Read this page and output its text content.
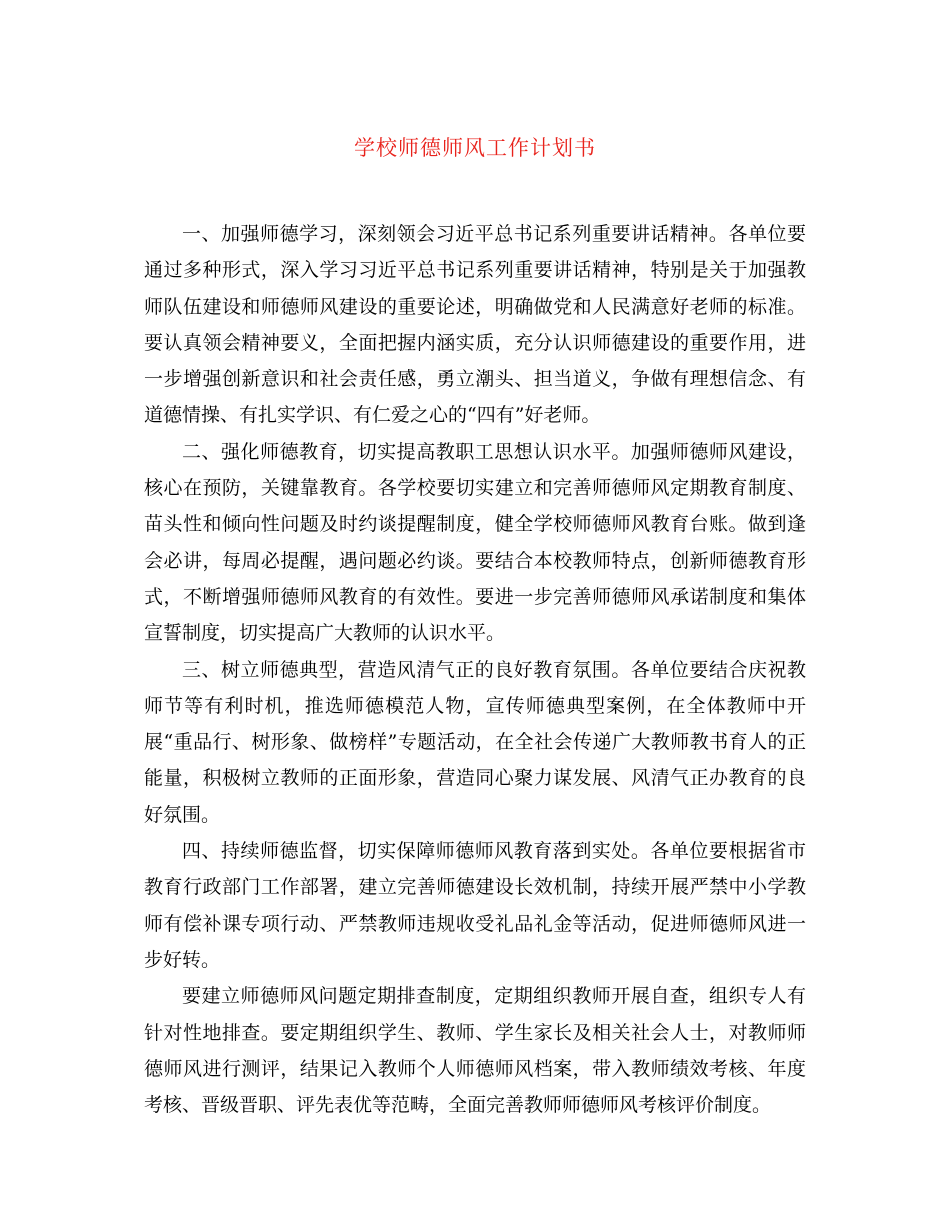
学校师德师风工作计划书

一、加强师德学习，深刻领会习近平总书记系列重要讲话精神。各单位要通过多种形式，深入学习习近平总书记系列重要讲话精神，特别是关于加强教师队伍建设和师德师风建设的重要论述，明确做党和人民满意好老师的标准。要认真领会精神要义，全面把握内涵实质，充分认识师德建设的重要作用，进一步增强创新意识和社会责任感，勇立潮头、担当道义，争做有理想信念、有道德情操、有扎实学识、有仁爱之心的“四有”好老师。

二、强化师德教育，切实提高教职工思想认识水平。加强师德师风建设，核心在预防，关键靠教育。各学校要切实建立和完善师德师风定期教育制度、苗头性和倾向性问题及时约谈提醒制度，健全学校师德师风教育台账。做到逢会必讲，每周必提醒，遇问题必约谈。要结合本校教师特点，创新师德教育形式，不断增强师德师风教育的有效性。要进一步完善师德师风承诺制度和集体宣誓制度，切实提高广大教师的认识水平。

三、树立师德典型，营造风清气正的良好教育氛围。各单位要结合庆祝教师节等有利时机，推选师德模范人物，宣传师德典型案例，在全体教师中开展“重品行、树形象、做榜样”专题活动，在全社会传递广大教师教书育人的正能量，积极树立教师的正面形象，营造同心聚力谋发展、风清气正办教育的良好氛围。

四、持续师德监督，切实保障师德师风教育落到实处。各单位要根据省市教育行政部门工作部署，建立完善师德建设长效机制，持续开展严禁中小学教师有偿补课专项行动、严禁教师违规收受礼品礼金等活动，促进师德师风进一步好转。

要建立师德师风问题定期排查制度，定期组织教师开展自查，组织专人有针对性地排查。要定期组织学生、教师、学生家长及相关社会人士，对教师师德师风进行测评，结果记入教师个人师德师风档案，带入教师绩效考核、年度考核、晋级晋职、评先表优等范畴，全面完善教师师德师风考核评价制度。
